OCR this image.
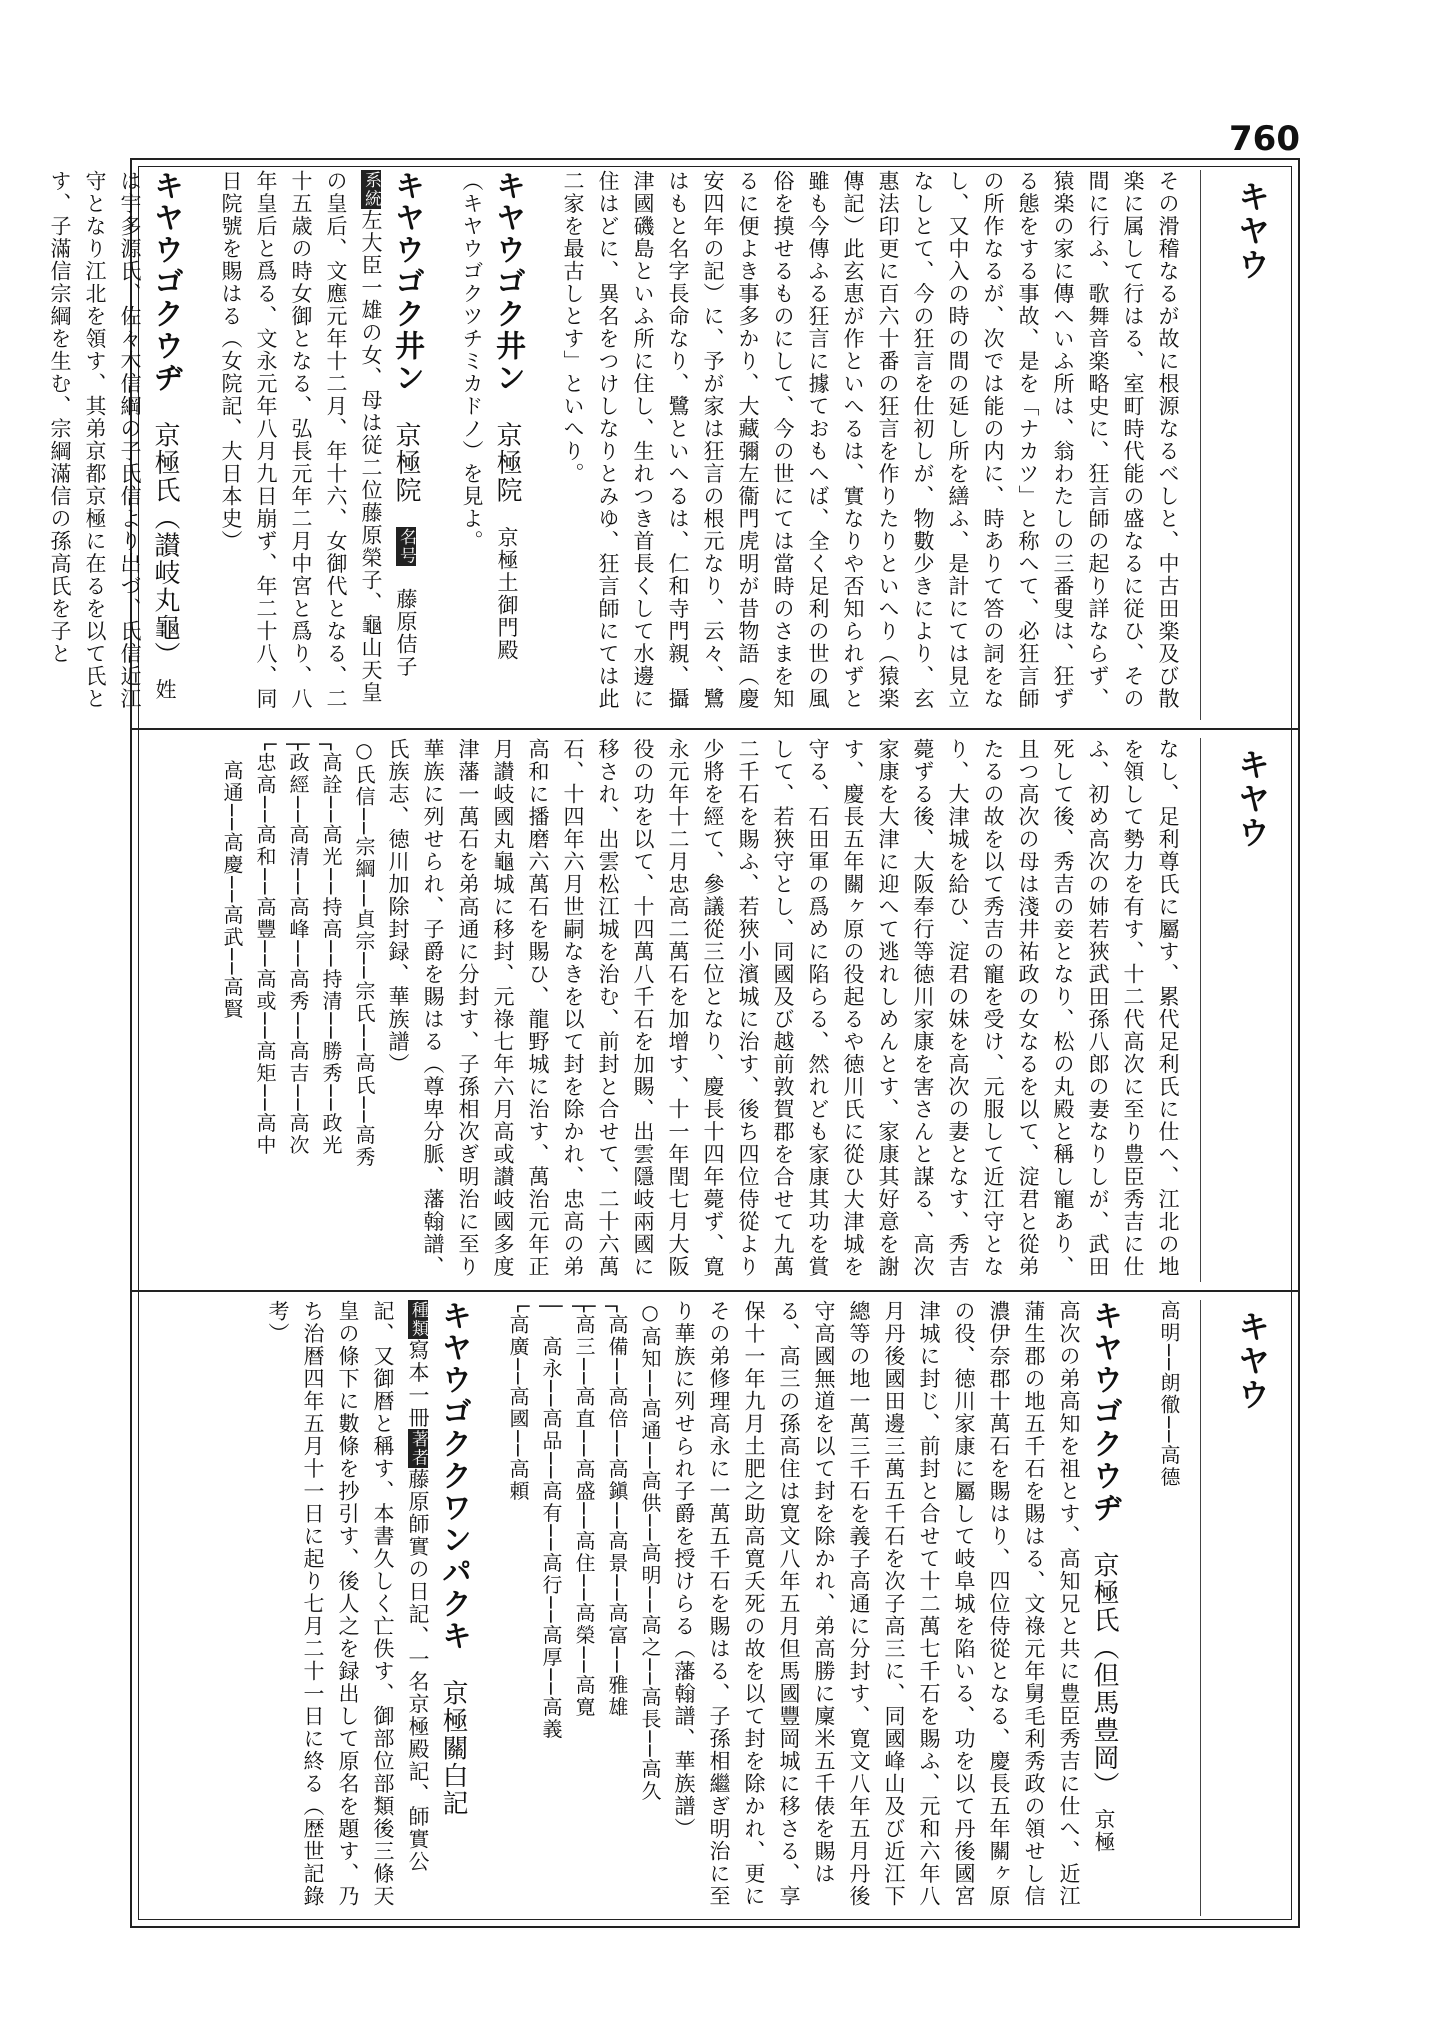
760
キヤウ
その滑稽なるが故に根源なるべしと、中古田楽及び散楽に属して行はる、室町時代能の盛なるに従ひ、その間に行ふ、歌舞音楽略史に、狂言師の起り詳ならず、猿楽の家に傳へいふ所は、翁わたしの三番叟は、狂ずる態をする事故、是を「ナカツ」と称へて、必狂言師の所作なるが、次では能の内に、時ありて答の詞をなし、又中入の時の間の延し所を繕ふ、是計にては見立なしとて、今の狂言を仕初しが、物數少きにより、玄惠法印更に百六十番の狂言を作りたりといへり（猿楽傳記）此玄恵が作といへるは、實なりや否知られずと雖も今傳ふる狂言に據ておもへば、全く足利の世の風俗を摸せるものにして、今の世にては當時のさまを知るに便よき事多かり、大藏彌左衞門虎明が昔物語（慶安四年の記）に、予が家は狂言の根元なり、云々、鷺はもと名字長命なり、鷺といへるは、仁和寺門親、攝津國磯島といふ所に住し、生れつき首長くして水邊に住はどに、異名をつけしなりとみゆ、狂言師にては此二家を最古しとす」といへり。
キヤウゴク井ン　京極院　京極土御門殿
（キヤウゴクツチミカドノ）を見よ。
キヤウゴク井ン　京極院　名号　藤原佶子
系統左大臣一雄の女、母は従二位藤原榮子、龜山天皇の皇后、文應元年十二月、年十六、女御代となる、二十五歳の時女御となる、弘長元年二月中宮と爲り、八年皇后と爲る、文永元年八月九日崩ず、年二十八、同日院號を賜はる（女院記、大日本史）
キヤウゴクウヂ　京極氏（讃岐丸龜）　姓は宇多源氏、佐々木信綱の子氏信より出づ、氏信近江守となり江北を領す、其弟京都京極に在るを以て氏とす、子滿信宗綱を生む、宗綱滿信の孫高氏を子と
キヤウ
なし、足利尊氏に屬す、累代足利氏に仕へ、江北の地を領して勢力を有す、十二代高次に至り豊臣秀吉に仕ふ、初め高次の姉若狹武田孫八郎の妻なりしが、武田死して後、秀吉の妾となり、松の丸殿と稱し寵あり、且つ高次の母は淺井祐政の女なるを以て、淀君と從弟たるの故を以て秀吉の寵を受け、元服して近江守となり、大津城を給ひ、淀君の妹を高次の妻となす、秀吉薨ずる後、大阪奉行等徳川家康を害さんと謀る、高次家康を大津に迎へて逃れしめんとす、家康其好意を謝す、慶長五年關ヶ原の役起るや徳川氏に從ひ大津城を守る、石田軍の爲めに陷らる、然れども家康其功を賞して、若狹守とし、同國及び越前敦賀郡を合せて九萬二千石を賜ふ、若狹小濱城に治す、後ち四位侍從より少將を經て、參議從三位となり、慶長十四年薨ず、寛永元年十二月忠高二萬石を加增す、十一年閏七月大阪役の功を以て、十四萬八千石を加賜、出雲隱岐兩國に移され、出雲松江城を治む、前封と合せて、二十六萬石、十四年六月世嗣なきを以て封を除かれ、忠高の弟高和に播磨六萬石を賜ひ、龍野城に治す、萬治元年正月讃岐國丸龜城に移封、元祿七年六月高或讃岐國多度津藩一萬石を弟高通に分封す、子孫相次ぎ明治に至り華族に列せられ、子爵を賜はる（尊卑分脈、藩翰譜、氏族志、徳川加除封録、華族譜）
○氏信──宗綱──貞宗──宗氏──高氏──高秀
┌高詮──高光──持高──持清──勝秀──政光
├政經──高清──高峰──高秀──高吉──高次
└忠高──高和──高豐──高或──高矩──高中
　高通──高慶──高武──高賢
キヤウ
高明──朗徹──高德
キヤウゴクウヂ　京極氏（但馬豊岡）　京極
高次の弟高知を祖とす、高知兄と共に豊臣秀吉に仕へ、近江蒲生郡の地五千石を賜はる、文祿元年舅毛利秀政の領せし信濃伊奈郡十萬石を賜はり、四位侍從となる、慶長五年關ヶ原の役、徳川家康に屬して岐阜城を陷いる、功を以て丹後國宮津城に封じ、前封と合せて十二萬七千石を賜ふ、元和六年八月丹後國田邊三萬五千石を次子高三に、同國峰山及び近江下總等の地一萬三千石を義子高通に分封す、寛文八年五月丹後守高國無道を以て封を除かれ、弟高勝に廩米五千俵を賜はる、高三の孫高住は寛文八年五月但馬國豐岡城に移さる、享保十一年九月土肥之助高寛夭死の故を以て封を除かれ、更にその弟修理高永に一萬五千石を賜はる、子孫相繼ぎ明治に至り華族に列せられ子爵を授けらる（藩翰譜、華族譜）
○高知──高通──高供──高明──高之──高長──高久
┌高備──高倍──高鎭──高景──高富──雅雄
├高三──高直──高盛──高住──高榮──高寛
│　高永──高品──高有──高行──高厚──高義
└高廣──高國──高頼
キヤウゴククワンパクキ　京極關白記
種類寫本一冊著者藤原師實の日記、一名京極殿記、師實公記、又御暦と稱す、本書久しく亡佚す、御部位部類後三條天皇の條下に數條を抄引す、後人之を録出して原名を題す、乃ち治暦四年五月十一日に起り七月二十一日に終る（歴世記錄考）
